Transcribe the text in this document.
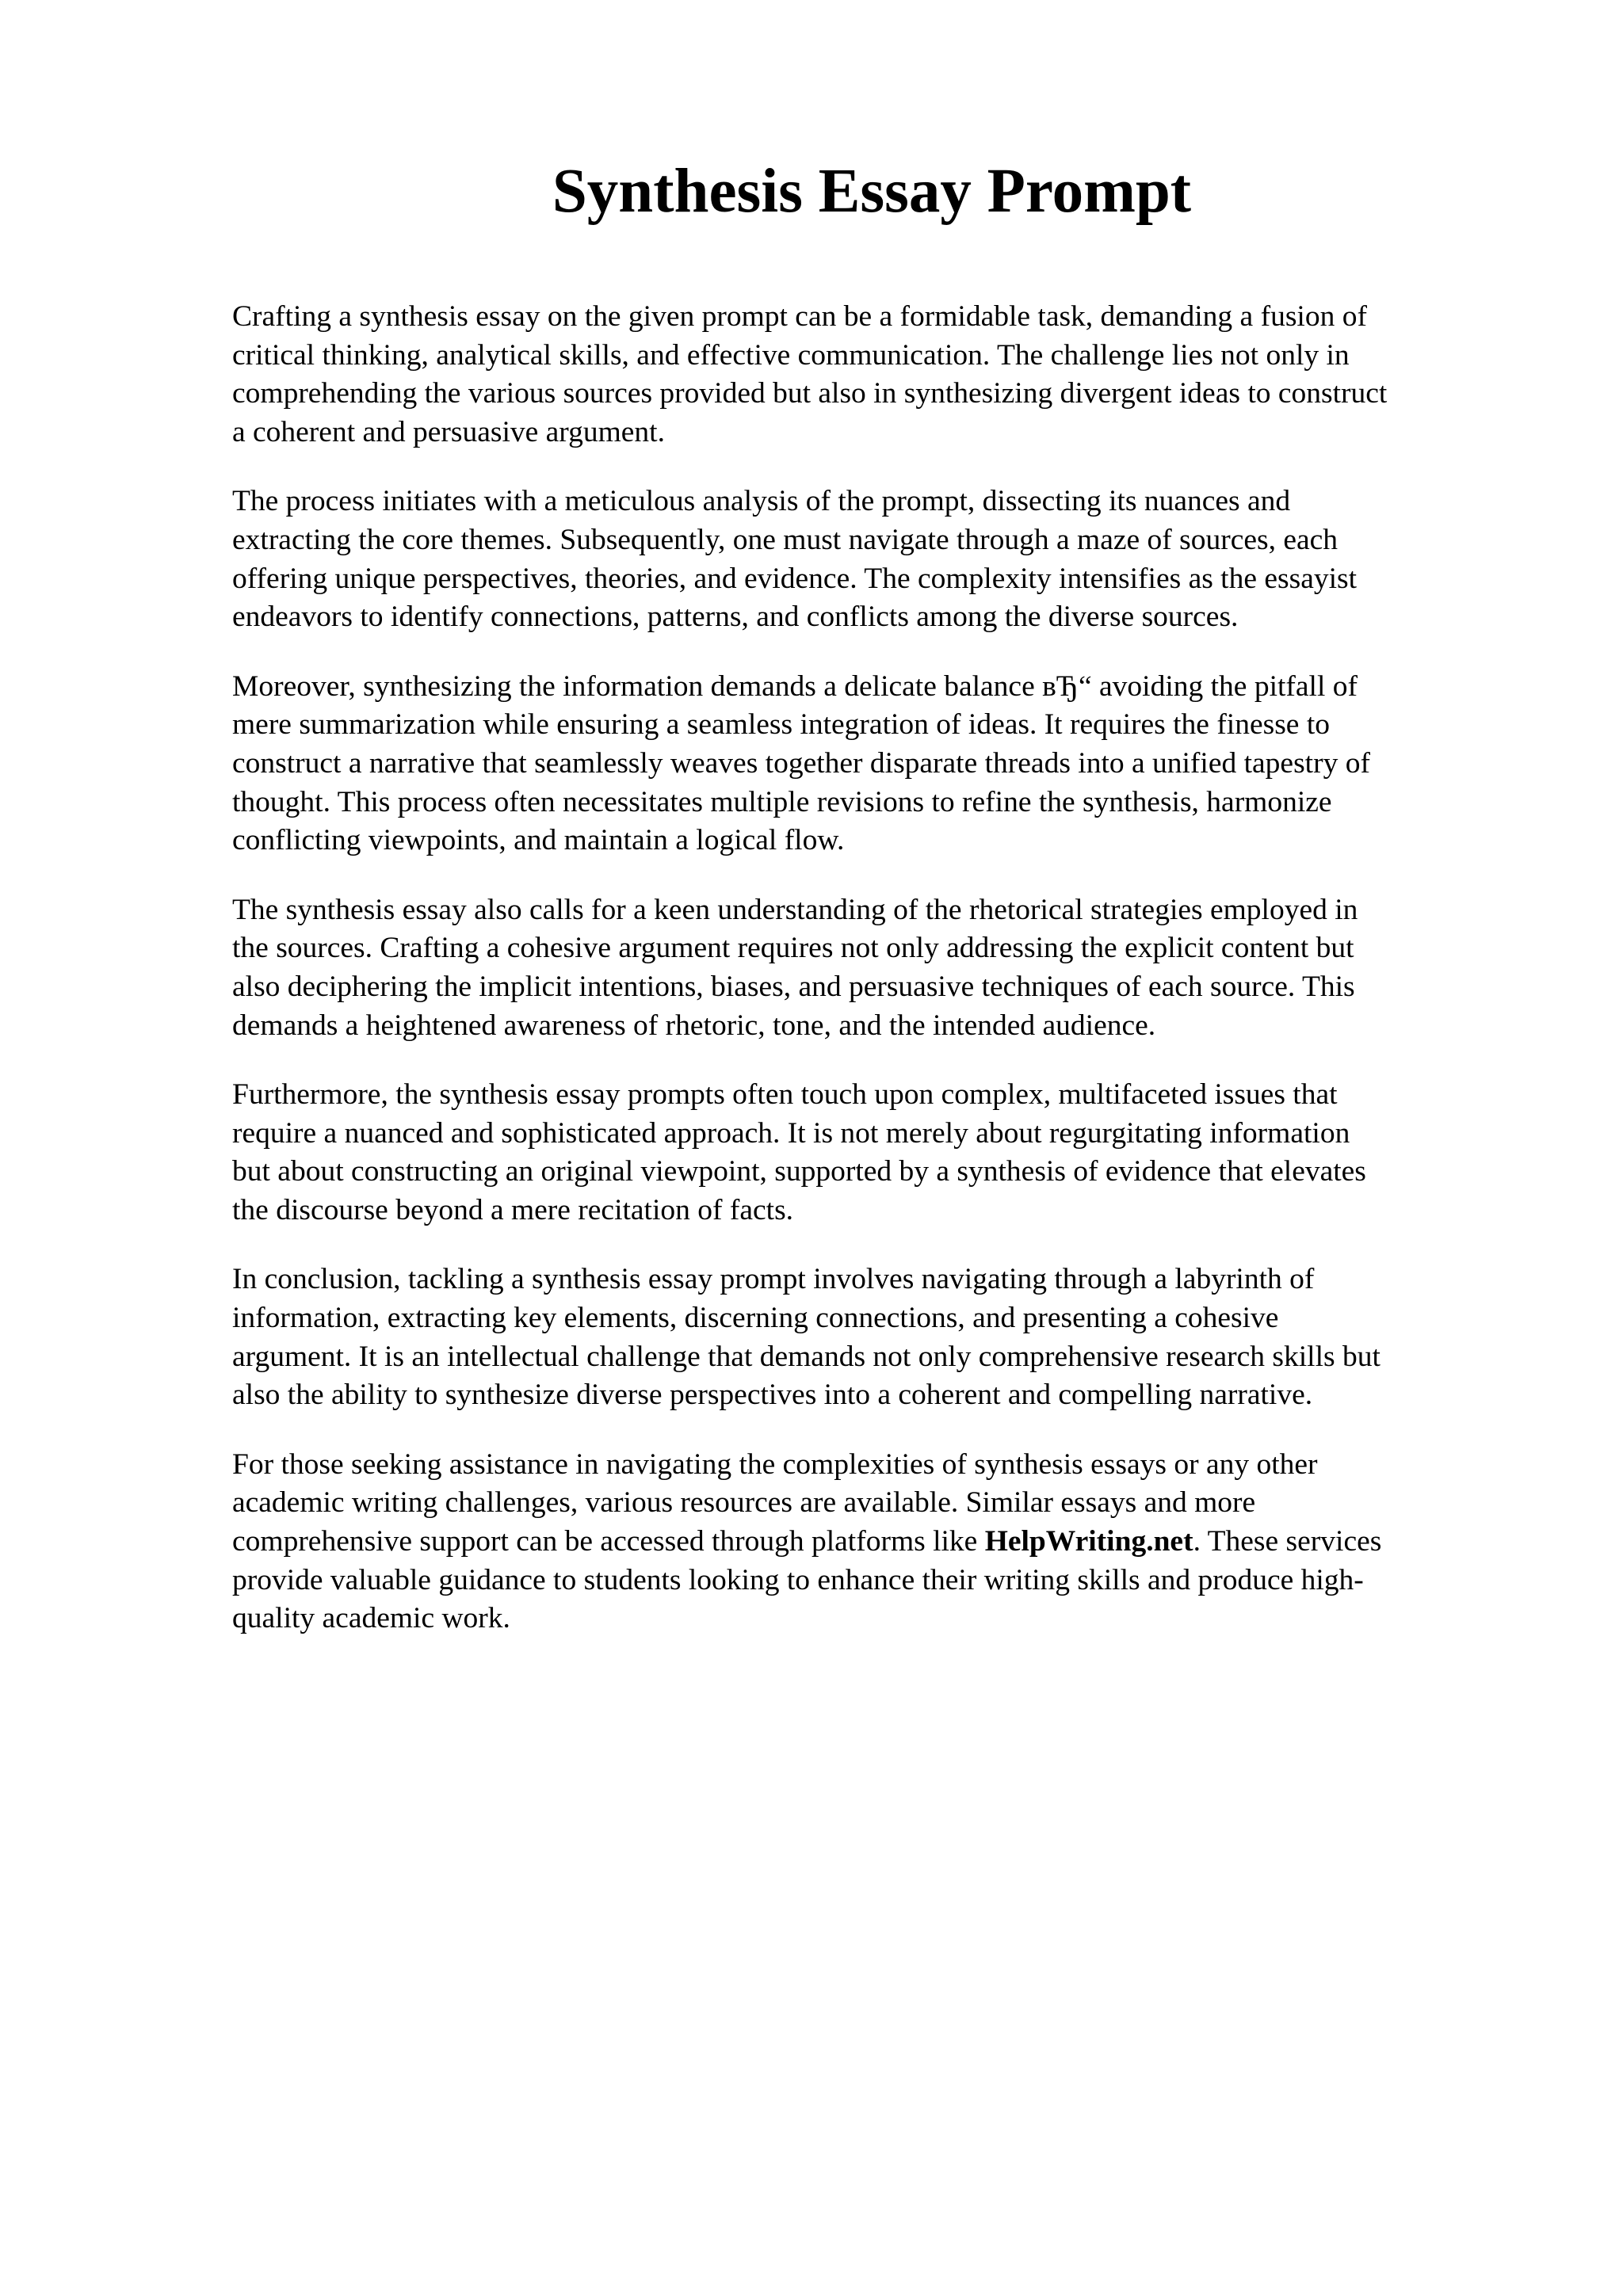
Synthesis Essay Prompt

Crafting a synthesis essay on the given prompt can be a formidable task, demanding a fusion of
critical thinking, analytical skills, and effective communication. The challenge lies not only in
comprehending the various sources provided but also in synthesizing divergent ideas to construct
a coherent and persuasive argument.

The process initiates with a meticulous analysis of the prompt, dissecting its nuances and
extracting the core themes. Subsequently, one must navigate through a maze of sources, each
offering unique perspectives, theories, and evidence. The complexity intensifies as the essayist
endeavors to identify connections, patterns, and conflicts among the diverse sources.

Moreover, synthesizing the information demands a delicate balance вЂ“ avoiding the pitfall of
mere summarization while ensuring a seamless integration of ideas. It requires the finesse to
construct a narrative that seamlessly weaves together disparate threads into a unified tapestry of
thought. This process often necessitates multiple revisions to refine the synthesis, harmonize
conflicting viewpoints, and maintain a logical flow.

The synthesis essay also calls for a keen understanding of the rhetorical strategies employed in
the sources. Crafting a cohesive argument requires not only addressing the explicit content but
also deciphering the implicit intentions, biases, and persuasive techniques of each source. This
demands a heightened awareness of rhetoric, tone, and the intended audience.

Furthermore, the synthesis essay prompts often touch upon complex, multifaceted issues that
require a nuanced and sophisticated approach. It is not merely about regurgitating information
but about constructing an original viewpoint, supported by a synthesis of evidence that elevates
the discourse beyond a mere recitation of facts.

In conclusion, tackling a synthesis essay prompt involves navigating through a labyrinth of
information, extracting key elements, discerning connections, and presenting a cohesive
argument. It is an intellectual challenge that demands not only comprehensive research skills but
also the ability to synthesize diverse perspectives into a coherent and compelling narrative.

For those seeking assistance in navigating the complexities of synthesis essays or any other
academic writing challenges, various resources are available. Similar essays and more
comprehensive support can be accessed through platforms like HelpWriting.net. These services
provide valuable guidance to students looking to enhance their writing skills and produce high-
quality academic work.
